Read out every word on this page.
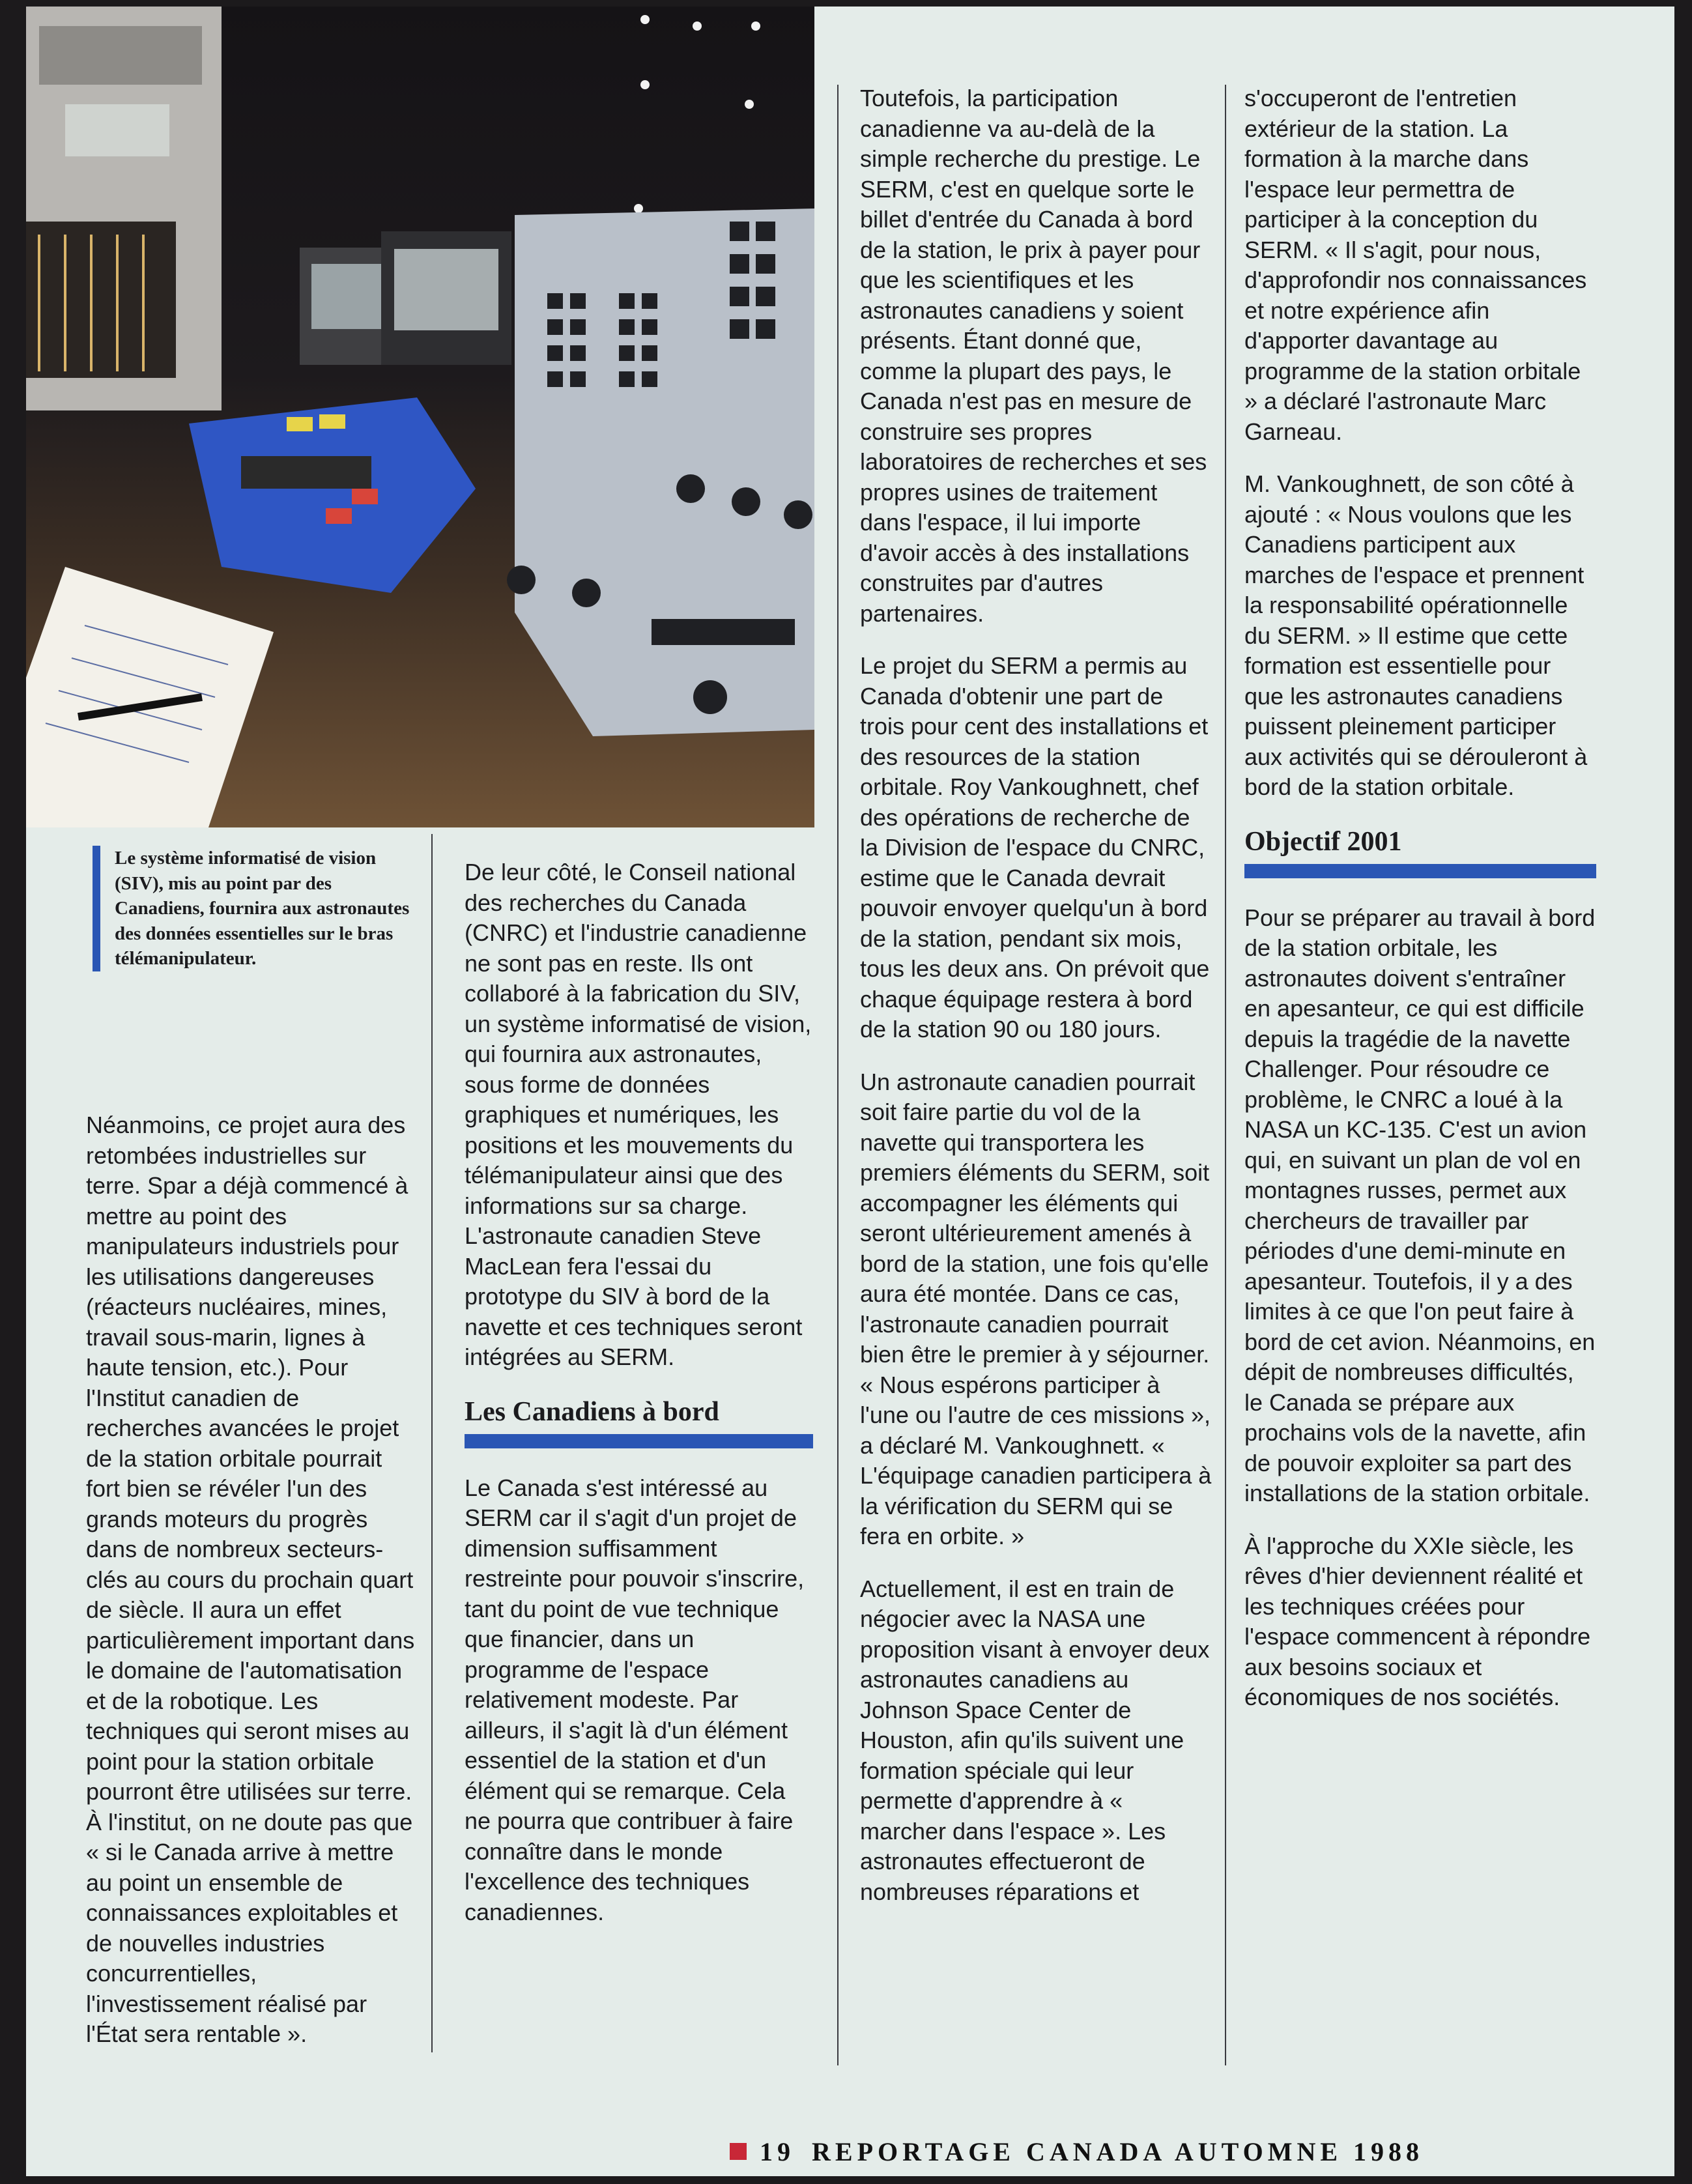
Le système informatisé de vision (SIV), mis au point par des Canadiens, fournira aux astronautes des données essentielles sur le bras télémanipulateur.

Néanmoins, ce projet aura des retombées industrielles sur terre. Spar a déjà commencé à mettre au point des manipulateurs industriels pour les utilisations dangereuses (réacteurs nucléaires, mines, travail sous-marin, lignes à haute tension, etc.). Pour l'Institut canadien de recherches avancées le projet de la station orbitale pourrait fort bien se révéler l'un des grands moteurs du progrès dans de nombreux secteurs-clés au cours du prochain quart de siècle. Il aura un effet particulièrement important dans le domaine de l'automatisation et de la robotique. Les techniques qui seront mises au point pour la station orbitale pourront être utilisées sur terre. À l'institut, on ne doute pas que « si le Canada arrive à mettre au point un ensemble de connaissances exploitables et de nouvelles industries concurrentielles, l'investissement réalisé par l'État sera rentable ».

De leur côté, le Conseil national des recherches du Canada (CNRC) et l'industrie canadienne ne sont pas en reste. Ils ont collaboré à la fabrication du SIV, un système informatisé de vision, qui fournira aux astronautes, sous forme de données graphiques et numériques, les positions et les mouvements du télémanipulateur ainsi que des informations sur sa charge. L'astronaute canadien Steve MacLean fera l'essai du prototype du SIV à bord de la navette et ces techniques seront intégrées au SERM.

Les Canadiens à bord

Le Canada s'est intéressé au SERM car il s'agit d'un projet de dimension suffisamment restreinte pour pouvoir s'inscrire, tant du point de vue technique que financier, dans un programme de l'espace relativement modeste. Par ailleurs, il s'agit là d'un élément essentiel de la station et d'un élément qui se remarque. Cela ne pourra que contribuer à faire connaître dans le monde l'excellence des techniques canadiennes.

Toutefois, la participation canadienne va au-delà de la simple recherche du prestige. Le SERM, c'est en quelque sorte le billet d'entrée du Canada à bord de la station, le prix à payer pour que les scientifiques et les astronautes canadiens y soient présents. Étant donné que, comme la plupart des pays, le Canada n'est pas en mesure de construire ses propres laboratoires de recherches et ses propres usines de traitement dans l'espace, il lui importe d'avoir accès à des installations construites par d'autres partenaires.

Le projet du SERM a permis au Canada d'obtenir une part de trois pour cent des installations et des resources de la station orbitale. Roy Vankoughnett, chef des opérations de recherche de la Division de l'espace du CNRC, estime que le Canada devrait pouvoir envoyer quelqu'un à bord de la station, pendant six mois, tous les deux ans. On prévoit que chaque équipage restera à bord de la station 90 ou 180 jours.

Un astronaute canadien pourrait soit faire partie du vol de la navette qui transportera les premiers éléments du SERM, soit accompagner les éléments qui seront ultérieurement amenés à bord de la station, une fois qu'elle aura été montée. Dans ce cas, l'astronaute canadien pourrait bien être le premier à y séjourner. « Nous espérons participer à l'une ou l'autre de ces missions », a déclaré M. Vankoughnett. « L'équipage canadien participera à la vérification du SERM qui se fera en orbite. »

Actuellement, il est en train de négocier avec la NASA une proposition visant à envoyer deux astronautes canadiens au Johnson Space Center de Houston, afin qu'ils suivent une formation spéciale qui leur permette d'apprendre à « marcher dans l'espace ». Les astronautes effectueront de nombreuses réparations et

s'occuperont de l'entretien extérieur de la station. La formation à la marche dans l'espace leur permettra de participer à la conception du SERM. « Il s'agit, pour nous, d'approfondir nos connaissances et notre expérience afin d'apporter davantage au programme de la station orbitale » a déclaré l'astronaute Marc Garneau.

M. Vankoughnett, de son côté à ajouté : « Nous voulons que les Canadiens participent aux marches de l'espace et prennent la responsabilité opérationnelle du SERM. » Il estime que cette formation est essentielle pour que les astronautes canadiens puissent pleinement participer aux activités qui se dérouleront à bord de la station orbitale.

Objectif 2001

Pour se préparer au travail à bord de la station orbitale, les astronautes doivent s'entraîner en apesanteur, ce qui est difficile depuis la tragédie de la navette Challenger. Pour résoudre ce problème, le CNRC a loué à la NASA un KC-135. C'est un avion qui, en suivant un plan de vol en montagnes russes, permet aux chercheurs de travailler par périodes d'une demi-minute en apesanteur. Toutefois, il y a des limites à ce que l'on peut faire à bord de cet avion. Néanmoins, en dépit de nombreuses difficultés, le Canada se prépare aux prochains vols de la navette, afin de pouvoir exploiter sa part des installations de la station orbitale.

À l'approche du XXIe siècle, les rêves d'hier deviennent réalité et les techniques créées pour l'espace commencent à répondre aux besoins sociaux et économiques de nos sociétés.

19 REPORTAGE CANADA AUTOMNE 1988
